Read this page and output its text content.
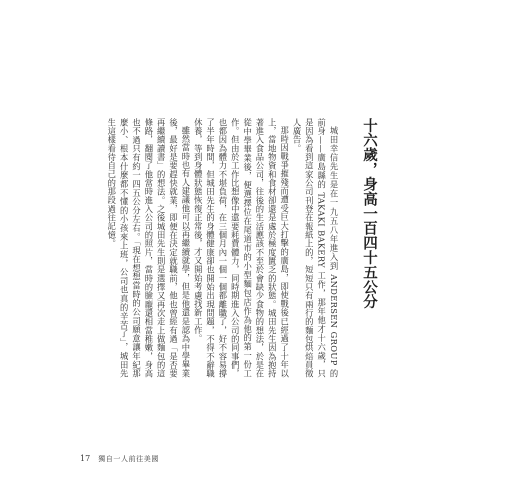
十六歲，身高一百四十五公分

城田幸信先生是在一九五八年進入到 ANDERSEN GROUP 的前身——廣島縣的 TAKAKI BAKERY 工作，那年他才十六歲，只是因為看到這家公司刊登在報紙上的，短短只有兩行的麵包烘焙員徵人廣告。

那時因戰爭摧殘而遭受巨大打擊的廣島，即使戰後已經過了十年以上，當地物資和食材卻還是處於極度匱乏的狀態。城田先生因為抱持著進入食品公司，往後的生活應該不至於會缺少食物的想法，於是在從中學畢業後，便選擇位在尾道市的小型麵包店作為他的第一份工作。但由於工作比想像中還要耗費體力，同時期進入公司的同事們，也都因為體力不堪負荷，在三個月內一個一個都離職了，好不容易撐了半年時間，但城田先生的身體健康卻也開始出現問題，不得不辭職休養，等到身體狀態恢復正常後，才又開始考慮找新工作。

雖然當時也有人建議他可以再繼續就學，但是他還是認為中學畢業後，最好是要趕快就業，即便在決定就職前，他也曾經有過「是否要再繼續讀書」的想法。之後城田先生則是選擇又再次走上做麵包的這條路，翻閱了他當時進入公司的照片，當時的臉龐還相當稚嫩，身高也不過只有約一四五公分左右。「現在想想當時的公司願意讓年紀那麼小、根本什麼都不懂的小孩來上班，公司也真的辛苦了」，城田先生這樣看待自己的那段過往記憶。

17 獨自一人前往美國
